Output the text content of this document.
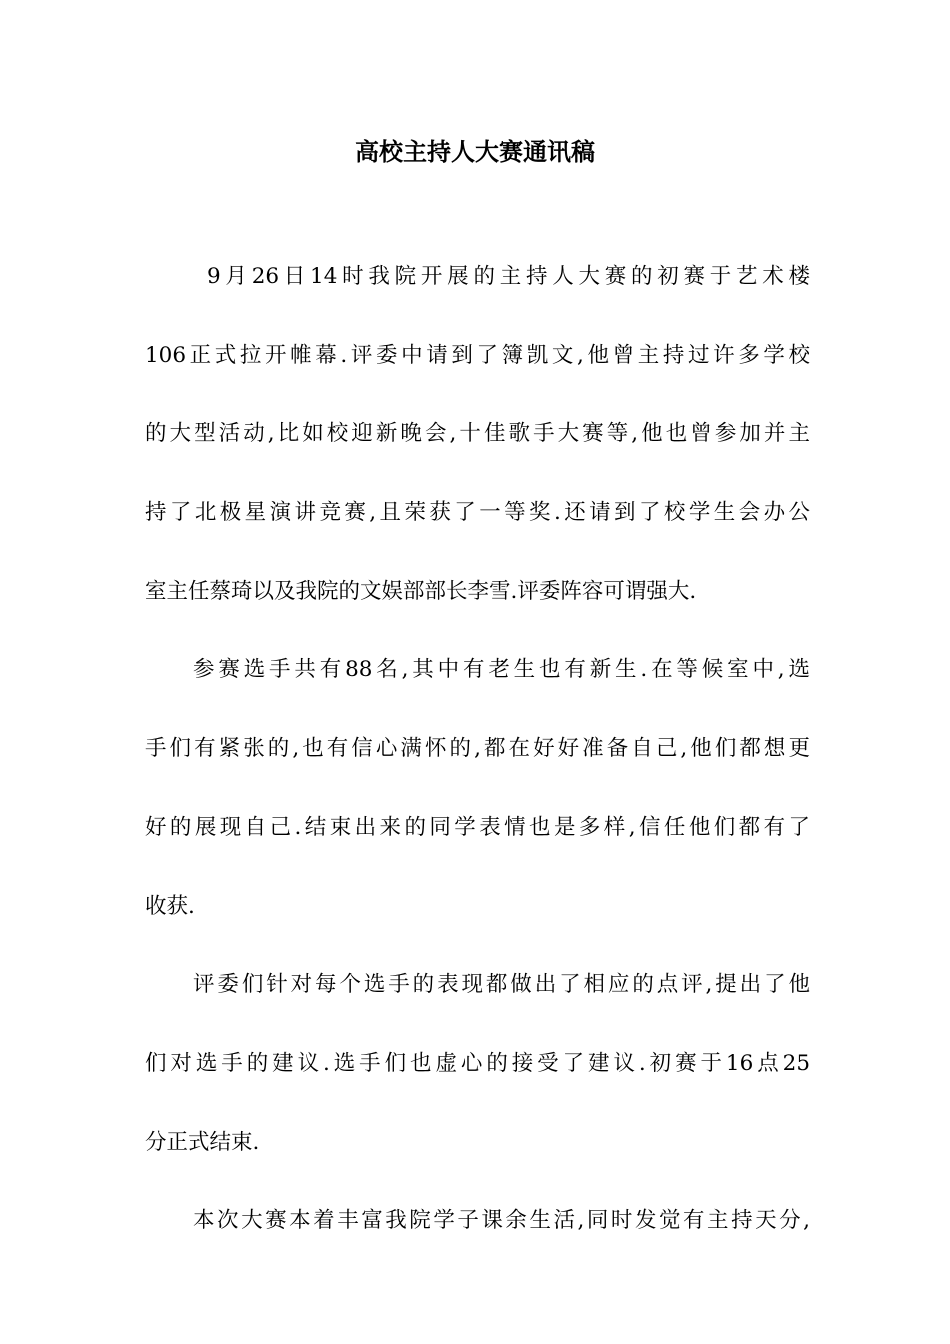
高校主持人大赛通讯稿
9月26日14时我院开展的主持人大赛的初赛于艺术楼
106正式拉开帷幕.评委中请到了簿凯文,他曾主持过许多学校
的大型活动,比如校迎新晚会,十佳歌手大赛等,他也曾参加并主
持了北极星演讲竞赛,且荣获了一等奖.还请到了校学生会办公
室主任蔡琦以及我院的文娱部部长李雪.评委阵容可谓强大.
参赛选手共有88名,其中有老生也有新生.在等候室中,选
手们有紧张的,也有信心满怀的,都在好好准备自己,他们都想更
好的展现自己.结束出来的同学表情也是多样,信任他们都有了
收获.
评委们针对每个选手的表现都做出了相应的点评,提出了他
们对选手的建议.选手们也虚心的接受了建议.初赛于16点25
分正式结束.
本次大赛本着丰富我院学子课余生活,同时发觉有主持天分,
